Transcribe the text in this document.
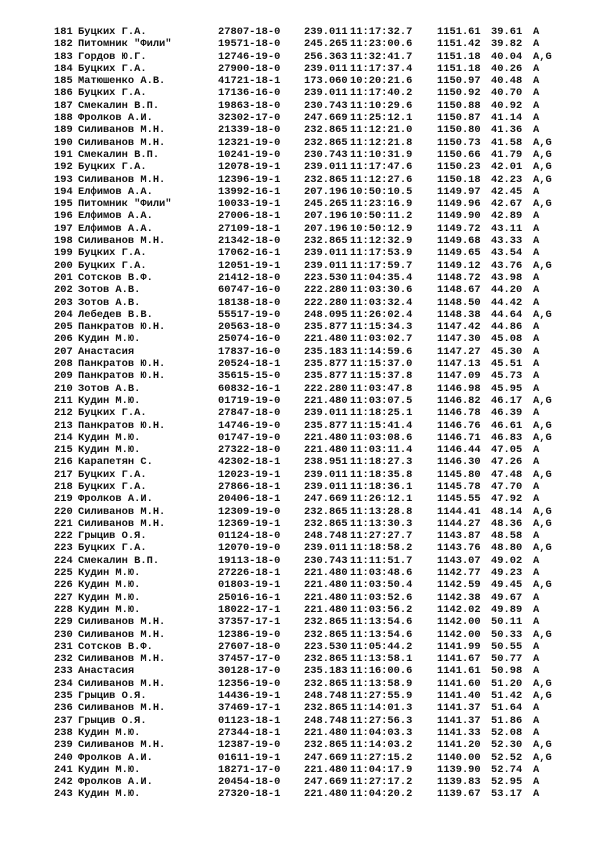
181 Буцких Г.А.	27807-18-0 239.011 11:17:32.7 1151.61 39.61 A
182 Питомник "Фили"	19571-18-0 245.265 11:23:00.6 1151.42 39.82 A
183 Гордов Ю.Г.	12746-19-0 256.363 11:32:41.7 1151.18 40.04 A,G
184 Буцких Г.А.	27900-18-0 239.011 11:17:37.4 1151.18 40.26 A
185 Матюшенко А.В.	41721-18-1 173.060 10:20:21.6 1150.97 40.48 A
186 Буцких Г.А.	17136-16-0 239.011 11:17:40.2 1150.92 40.70 A
187 Смекалин В.П.	19863-18-0 230.743 11:10:29.6 1150.88 40.92 A
188 Фролков А.И.	32302-17-0 247.669 11:25:12.1 1150.87 41.14 A
189 Силиванов М.Н.	21339-18-0 232.865 11:12:21.0 1150.80 41.36 A
190 Силиванов М.Н.	12321-19-0 232.865 11:12:21.8 1150.73 41.58 A,G
191 Смекалин В.П.	10241-19-0 230.743 11:10:31.9 1150.66 41.79 A,G
192 Буцких Г.А.	12078-19-1 239.011 11:17:47.6 1150.23 42.01 A,G
193 Силиванов М.Н.	12396-19-1 232.865 11:12:27.6 1150.18 42.23 A,G
194 Елфимов А.А.	13992-16-1 207.196 10:50:10.5 1149.97 42.45 A
195 Питомник "Фили"	10033-19-1 245.265 11:23:16.9 1149.96 42.67 A,G
196 Елфимов А.А.	27006-18-1 207.196 10:50:11.2 1149.90 42.89 A
197 Елфимов А.А.	27109-18-1 207.196 10:50:12.9 1149.72 43.11 A
198 Силиванов М.Н.	21342-18-0 232.865 11:12:32.9 1149.68 43.33 A
199 Буцких Г.А.	17062-16-1 239.011 11:17:53.9 1149.65 43.54 A
200 Буцких Г.А.	12051-19-1 239.011 11:17:59.7 1149.12 43.76 A,G
201 Сотсков В.Ф.	21412-18-0 223.530 11:04:35.4 1148.72 43.98 A
202 Зотов А.В.	60747-16-0 222.280 11:03:30.6 1148.67 44.20 A
203 Зотов А.В.	18138-18-0 222.280 11:03:32.4 1148.50 44.42 A
204 Лебедев В.В.	55517-19-0 248.095 11:26:02.4 1148.38 44.64 A,G
205 Панкратов Ю.Н.	20563-18-0 235.877 11:15:34.3 1147.42 44.86 A
206 Кудин М.Ю.	25074-16-0 221.480 11:03:02.7 1147.30 45.08 A
207 Анастасия	17837-16-0 235.183 11:14:59.6 1147.27 45.30 A
208 Панкратов Ю.Н.	20524-18-1 235.877 11:15:37.0 1147.13 45.51 A
209 Панкратов Ю.Н.	35615-15-0 235.877 11:15:37.8 1147.09 45.73 A
210 Зотов А.В.	60832-16-1 222.280 11:03:47.8 1146.98 45.95 A
211 Кудин М.Ю.	01719-19-0 221.480 11:03:07.5 1146.82 46.17 A,G
212 Буцких Г.А.	27847-18-0 239.011 11:18:25.1 1146.78 46.39 A
213 Панкратов Ю.Н.	14746-19-0 235.877 11:15:41.4 1146.76 46.61 A,G
214 Кудин М.Ю.	01747-19-0 221.480 11:03:08.6 1146.71 46.83 A,G
215 Кудин М.Ю.	27322-18-0 221.480 11:03:11.4 1146.44 47.05 A
216 Карапетян С.	42302-18-1 238.951 11:18:27.3 1146.30 47.26 A
217 Буцких Г.А.	12023-19-1 239.011 11:18:35.8 1145.80 47.48 A,G
218 Буцких Г.А.	27866-18-1 239.011 11:18:36.1 1145.78 47.70 A
219 Фролков А.И.	20406-18-1 247.669 11:26:12.1 1145.55 47.92 A
220 Силиванов М.Н.	12309-19-0 232.865 11:13:28.8 1144.41 48.14 A,G
221 Силиванов М.Н.	12369-19-1 232.865 11:13:30.3 1144.27 48.36 A,G
222 Грыцив О.Я.	01124-18-0 248.748 11:27:27.7 1143.87 48.58 A
223 Буцких Г.А.	12070-19-0 239.011 11:18:58.2 1143.76 48.80 A,G
224 Смекалин В.П.	19113-18-0 230.743 11:11:51.7 1143.07 49.02 A
225 Кудин М.Ю.	27226-18-1 221.480 11:03:48.6 1142.77 49.23 A
226 Кудин М.Ю.	01803-19-1 221.480 11:03:50.4 1142.59 49.45 A,G
227 Кудин М.Ю.	25016-16-1 221.480 11:03:52.6 1142.38 49.67 A
228 Кудин М.Ю.	18022-17-1 221.480 11:03:56.2 1142.02 49.89 A
229 Силиванов М.Н.	37357-17-1 232.865 11:13:54.6 1142.00 50.11 A
230 Силиванов М.Н.	12386-19-0 232.865 11:13:54.6 1142.00 50.33 A,G
231 Сотсков В.Ф.	27607-18-0 223.530 11:05:44.2 1141.99 50.55 A
232 Силиванов М.Н.	37457-17-0 232.865 11:13:58.1 1141.67 50.77 A
233 Анастасия	30128-17-0 235.183 11:16:00.6 1141.61 50.98 A
234 Силиванов М.Н.	12356-19-0 232.865 11:13:58.9 1141.60 51.20 A,G
235 Грыцив О.Я.	14436-19-1 248.748 11:27:55.9 1141.40 51.42 A,G
236 Силиванов М.Н.	37469-17-1 232.865 11:14:01.3 1141.37 51.64 A
237 Грыцив О.Я.	01123-18-1 248.748 11:27:56.3 1141.37 51.86 A
238 Кудин М.Ю.	27344-18-1 221.480 11:04:03.3 1141.33 52.08 A
239 Силиванов М.Н.	12387-19-0 232.865 11:14:03.2 1141.20 52.30 A,G
240 Фролков А.И.	01611-19-1 247.669 11:27:15.2 1140.00 52.52 A,G
241 Кудин М.Ю.	18271-17-0 221.480 11:04:17.9 1139.90 52.74 A
242 Фролков А.И.	20454-18-0 247.669 11:27:17.2 1139.83 52.95 A
243 Кудин М.Ю.	27320-18-1 221.480 11:04:20.2 1139.67 53.17 A
